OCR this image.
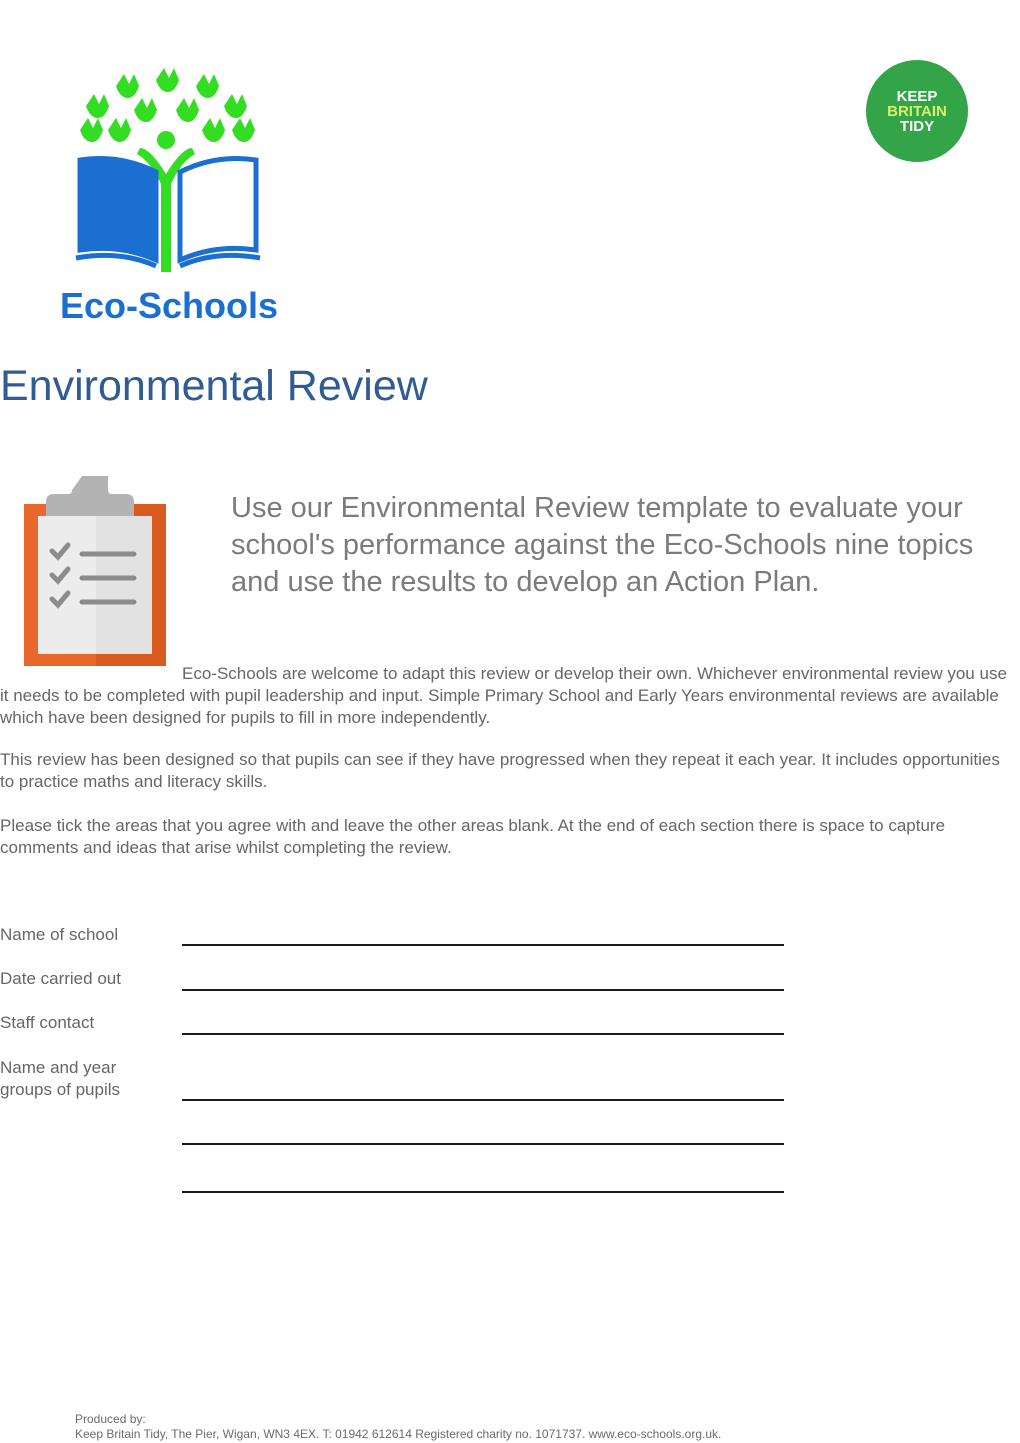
Eco-Schools
KEEP
BRITAIN
TIDY
Environmental Review

Use our Environmental Review template to evaluate your school's performance against the Eco-Schools nine topics and use the results to develop an Action Plan.

Eco-Schools are welcome to adapt this review or develop their own. Whichever environmental review you use it needs to be completed with pupil leadership and input. Simple Primary School and Early Years environmental reviews are available which have been designed for pupils to fill in more independently.

This review has been designed so that pupils can see if they have progressed when they repeat it each year. It includes opportunities to practice maths and literacy skills.

Please tick the areas that you agree with and leave the other areas blank. At the end of each section there is space to capture comments and ideas that arise whilst completing the review.

Name of school

Date carried out

Staff contact

Name and year groups of pupils

Produced by:
Keep Britain Tidy, The Pier, Wigan, WN3 4EX. T: 01942 612614 Registered charity no. 1071737. www.eco-schools.org.uk.
